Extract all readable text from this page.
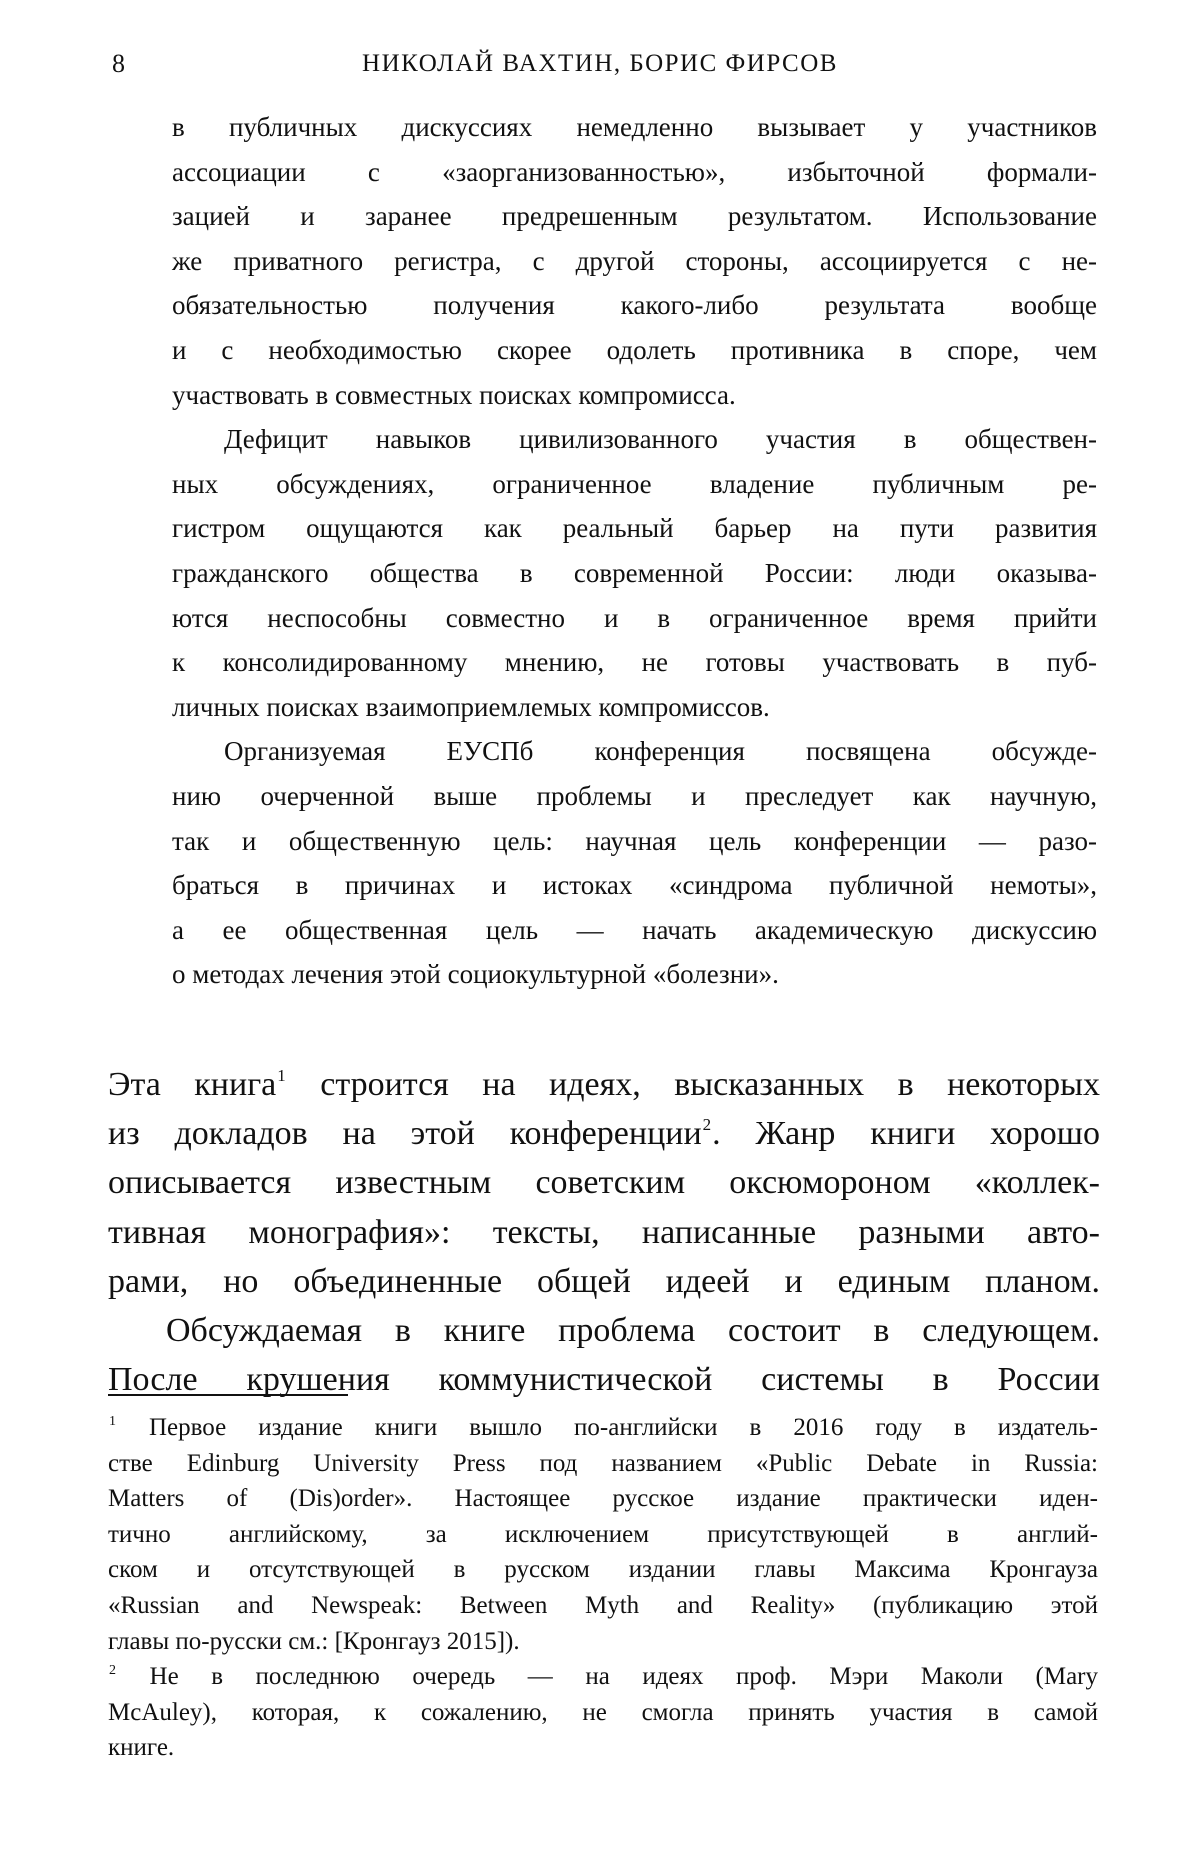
8	НИКОЛАЙ ВАХТИН, БОРИС ФИРСОВ
в публичных дискуссиях немедленно вызывает у участников
ассоциации с «заорганизованностью», избыточной формали-
зацией и заранее предрешенным результатом. Использование
же приватного регистра, с другой стороны, ассоциируется с не-
обязательностью получения какого-либо результата вообще
и с необходимостью скорее одолеть противника в споре, чем
участвовать в совместных поисках компромисса.
Дефицит навыков цивилизованного участия в обществен-
ных обсуждениях, ограниченное владение публичным ре-
гистром ощущаются как реальный барьер на пути развития
гражданского общества в современной России: люди оказыва-
ются неспособны совместно и в ограниченное время прийти
к консолидированному мнению, не готовы участвовать в пуб-
личных поисках взаимоприемлемых компромиссов.
Организуемая ЕУСПб конференция посвящена обсужде-
нию очерченной выше проблемы и преследует как научную,
так и общественную цель: научная цель конференции — разо-
браться в причинах и истоках «синдрома публичной немоты»,
а ее общественная цель — начать академическую дискуссию
о методах лечения этой социокультурной «болезни».
Эта книга$^1$ строится на идеях, высказанных в некоторых
из докладов на этой конференции$^2$. Жанр книги хорошо
описывается известным советским оксюмороном «коллек-
тивная монография»: тексты, написанные разными авто-
рами, но объединенные общей идеей и единым планом.
Обсуждаемая в книге проблема состоит в следующем.
После крушения коммунистической системы в России
$^1$ Первое издание книги вышло по-английски в 2016 году в издатель-
стве Edinburg University Press под названием «Public Debate in Russia:
Matters of (Dis)order». Настоящее русское издание практически иден-
тично английскому, за исключением присутствующей в англий-
ском и отсутствующей в русском издании главы Максима Кронгауза
«Russian and Newspeak: Between Myth and Reality» (публикацию этой
главы по-русски см.: [Кронгауз 2015]).
$^2$ Не в последнюю очередь — на идеях проф. Мэри Маколи (Mary
McAuley), которая, к сожалению, не смогла принять участия в самой
книге.
